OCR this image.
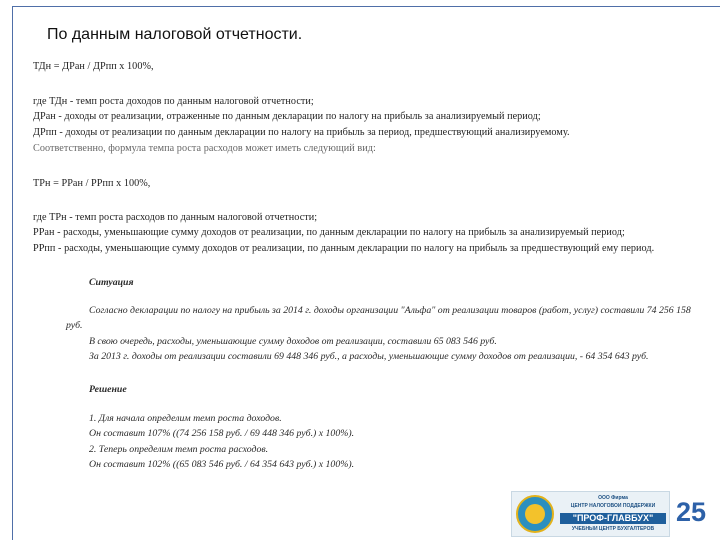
По данным налоговой отчетности.
ТДн = ДРан / ДРпп х 100%,
где ТДн - темп роста доходов по данным налоговой отчетности;
ДРан - доходы от реализации, отраженные по данным декларации по налогу на прибыль за анализируемый период;
ДРпп - доходы от реализации по данным декларации по налогу на прибыль за период, предшествующий анализируемому.
Соответственно, формула темпа роста расходов может иметь следующий вид:
ТРн = РРан / РРпп х 100%,
где ТРн - темп роста расходов по данным налоговой отчетности;
РРан - расходы, уменьшающие сумму доходов от реализации, по данным декларации по налогу на прибыль за анализируемый период;
РРпп - расходы, уменьшающие сумму доходов от реализации, по данным декларации по налогу на прибыль за предшествующий ему период.
Ситуация
Согласно декларации по налогу на прибыль за 2014 г. доходы организации "Альфа" от реализации товаров (работ, услуг) составили 74 256 158
руб.
В свою очередь, расходы, уменьшающие сумму доходов от реализации, составили 65 083 546 руб.
За 2013 г. доходы от реализации составили 69 448 346 руб., а расходы, уменьшающие сумму доходов от реализации, - 64 354 643 руб.
Решение
1. Для начала определим темп роста доходов.
Он составит 107% ((74 256 158 руб. / 69 448 346 руб.) х 100%).
2. Теперь определим темп роста расходов.
Он составит 102% ((65 083 546 руб. / 64 354 643 руб.) х 100%).
ООО Фирма
ЦЕНТР НАЛОГОВОЙ ПОДДЕРЖКИ
"ПРОФ-ГЛАВБУХ"
УЧЕБНЫЙ ЦЕНТР БУХГАЛТЕРОВ
25
